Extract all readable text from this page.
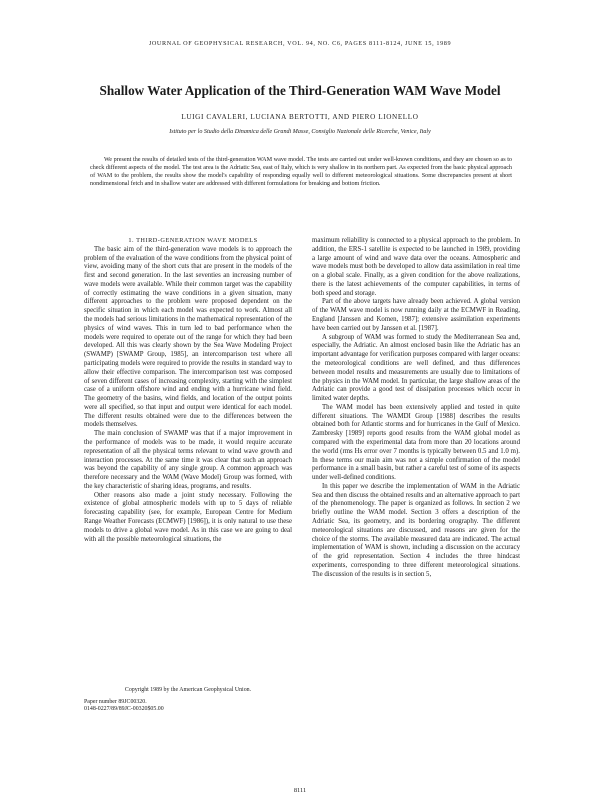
JOURNAL OF GEOPHYSICAL RESEARCH, VOL. 94, NO. C6, PAGES 8111-8124, JUNE 15, 1989
Shallow Water Application of the Third-Generation WAM Wave Model
LUIGI CAVALERI, LUCIANA BERTOTTI, AND PIERO LIONELLO
Istituto per lo Studio della Dinamica delle Grandi Masse, Consiglio Nazionale delle Ricerche, Venice, Italy

We present the results of detailed tests of the third-generation WAM wave model. The tests are carried out under well-known conditions, and they are chosen so as to check different aspects of the model. The test area is the Adriatic Sea, east of Italy, which is very shallow in its northern part. As expected from the basic physical approach of WAM to the problem, the results show the model's capability of responding equally well to different meteorological situations. Some discrepancies present at short nondimensional fetch and in shallow water are addressed with different formulations for breaking and bottom friction.

1. THIRD-GENERATION WAVE MODELS

The basic aim of the third-generation wave models is to approach the problem of the evaluation of the wave conditions from the physical point of view, avoiding many of the short cuts that are present in the models of the first and second generation. In the last seventies an increasing number of wave models were available. While their common target was the capability of correctly estimating the wave conditions in a given situation, many different approaches to the problem were proposed dependent on the specific situation in which each model was expected to work. Almost all the models had serious limitations in the mathematical representation of the physics of wind waves. This in turn led to bad performance when the models were required to operate out of the range for which they had been developed. All this was clearly shown by the Sea Wave Modeling Project (SWAMP) [SWAMP Group, 1985], an intercomparison test where all participating models were required to provide the results in standard way to allow their effective comparison. The intercomparison test was composed of seven different cases of increasing complexity, starting with the simplest case of a uniform offshore wind and ending with a hurricane wind field. The geometry of the basins, wind fields, and location of the output points were all specified, so that input and output were identical for each model. The different results obtained were due to the differences between the models themselves.

The main conclusion of SWAMP was that if a major improvement in the performance of models was to be made, it would require accurate representation of all the physical terms relevant to wind wave growth and interaction processes. At the same time it was clear that such an approach was beyond the capability of any single group. A common approach was therefore necessary and the WAM (Wave Model) Group was formed, with the key characteristic of sharing ideas, programs, and results.

Other reasons also made a joint study necessary. Following the existence of global atmospheric models with up to 5 days of reliable forecasting capability (see, for example, European Centre for Medium Range Weather Forecasts (ECMWF) [1986]), it is only natural to use these models to drive a global wave model. As in this case we are going to deal with all the possible meteorological situations, the

maximum reliability is connected to a physical approach to the problem. In addition, the ERS-1 satellite is expected to be launched in 1989, providing a large amount of wind and wave data over the oceans. Atmospheric and wave models must both be developed to allow data assimilation in real time on a global scale. Finally, as a given condition for the above realizations, there is the latest achievements of the computer capabilities, in terms of both speed and storage.

Part of the above targets have already been achieved. A global version of the WAM wave model is now running daily at the ECMWF in Reading, England [Janssen and Komen, 1987]; extensive assimilation experiments have been carried out by Janssen et al. [1987].

A subgroup of WAM was formed to study the Mediterranean Sea and, especially, the Adriatic. An almost enclosed basin like the Adriatic has an important advantage for verification purposes compared with larger oceans: the meteorological conditions are well defined, and thus differences between model results and measurements are usually due to limitations of the physics in the WAM model. In particular, the large shallow areas of the Adriatic can provide a good test of dissipation processes which occur in limited water depths.

The WAM model has been extensively applied and tested in quite different situations. The WAMDI Group [1988] describes the results obtained both for Atlantic storms and for hurricanes in the Gulf of Mexico. Zambresky [1989] reports good results from the WAM global model as compared with the experimental data from more than 20 locations around the world (rms Hs error over 7 months is typically between 0.5 and 1.0 m). In these terms our main aim was not a simple confirmation of the model performance in a small basin, but rather a careful test of some of its aspects under well-defined conditions.

In this paper we describe the implementation of WAM in the Adriatic Sea and then discuss the obtained results and an alternative approach to part of the phenomenology. The paper is organized as follows. In section 2 we briefly outline the WAM model. Section 3 offers a description of the Adriatic Sea, its geometry, and its bordering orography. The different meteorological situations are discussed, and reasons are given for the choice of the storms. The available measured data are indicated. The actual implementation of WAM is shown, including a discussion on the accuracy of the grid representation. Section 4 includes the three hindcast experiments, corresponding to three different meteorological situations. The discussion of the results is in section 5,

Copyright 1989 by the American Geophysical Union.

Paper number 89JC00320.

0148-0227/89/89JC-00320$05.00

8111
